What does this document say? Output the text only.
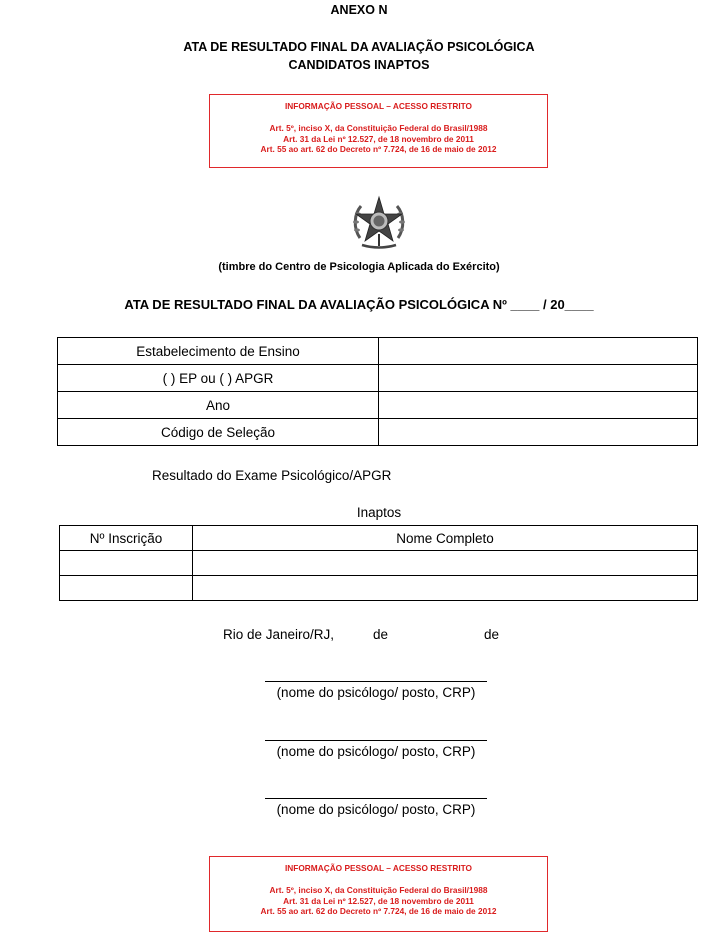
ANEXO N
ATA DE RESULTADO FINAL DA AVALIAÇÃO PSICOLÓGICA
CANDIDATOS INAPTOS
INFORMAÇÃO PESSOAL – ACESSO RESTRITO
Art. 5º, inciso X, da Constituição Federal do Brasil/1988
Art. 31 da Lei nº 12.527, de 18 novembro de 2011
Art. 55 ao art. 62 do Decreto nº 7.724, de 16 de maio de 2012
(timbre do Centro de Psicologia Aplicada do Exército)
ATA DE RESULTADO FINAL DA AVALIAÇÃO PSICOLÓGICA Nº ____ / 20____
Estabelecimento de Ensino	
( ) EP ou ( ) APGR	
Ano	
Código de Seleção	
Resultado do Exame Psicológico/APGR
Inaptos
Nº Inscrição	Nome Completo

Rio de Janeiro/RJ,	de	de
(nome do psicólogo/ posto, CRP)
(nome do psicólogo/ posto, CRP)
(nome do psicólogo/ posto, CRP)
INFORMAÇÃO PESSOAL – ACESSO RESTRITO
Art. 5º, inciso X, da Constituição Federal do Brasil/1988
Art. 31 da Lei nº 12.527, de 18 novembro de 2011
Art. 55 ao art. 62 do Decreto nº 7.724, de 16 de maio de 2012
